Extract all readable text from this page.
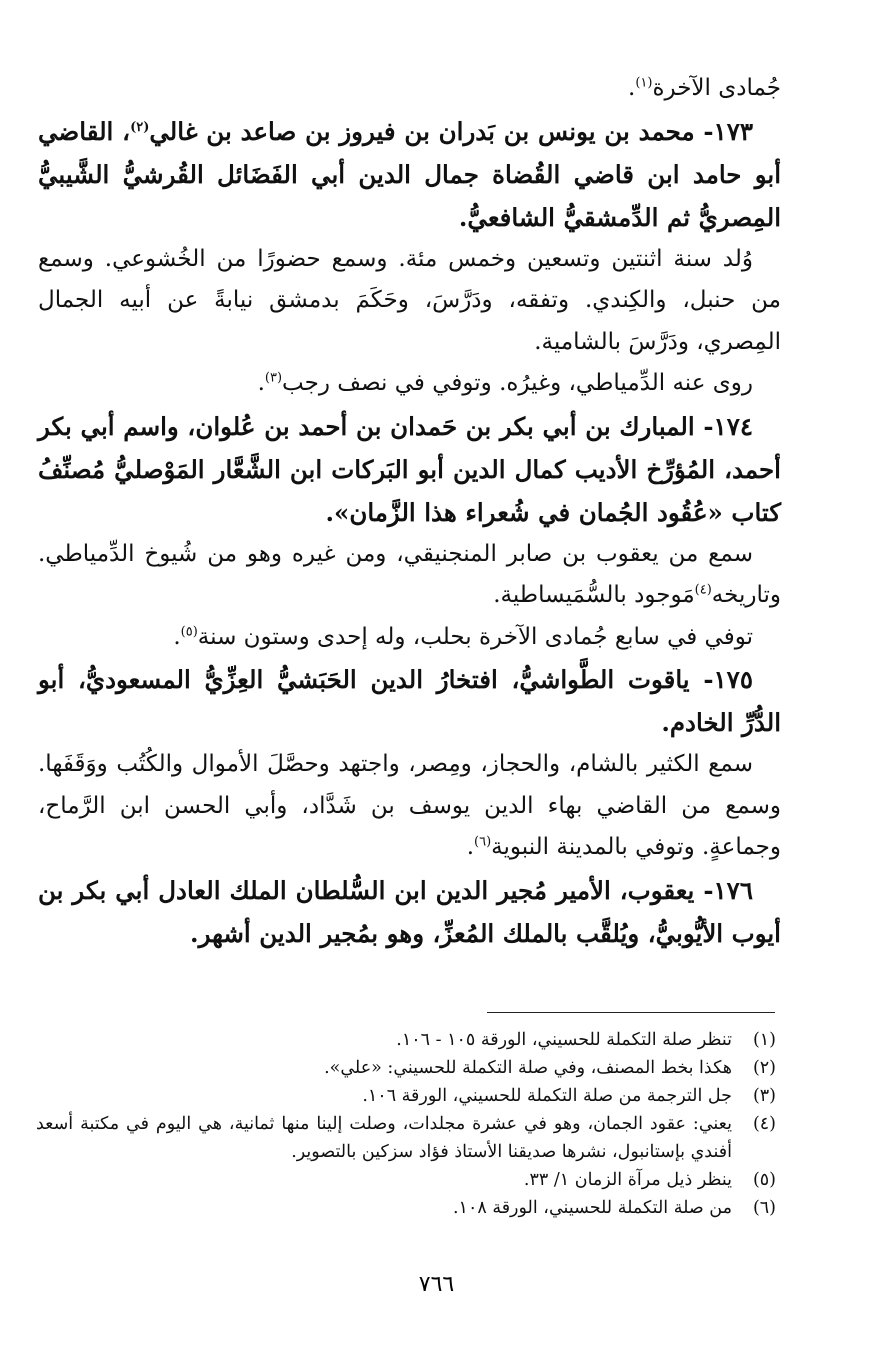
جُمادى الآخرة$^{(١)}$.

١٧٣- محمد بن يونس بن بَدران بن فيروز بن صاعد بن غالي$^{(٢)}$، القاضي أبو حامد ابن قاضي القُضاة جمال الدين أبي الفَضَائل القُرشيُّ الشَّيبيُّ المِصريُّ ثم الدِّمشقيُّ الشافعيُّ.

وُلد سنة اثنتين وتسعين وخمس مئة. وسمع حضورًا من الخُشوعي. وسمع من حنبل، والكِندي. وتفقه، ودَرَّسَ، وحَكَمَ بدمشق نيابةً عن أبيه الجمال المِصري، ودَرَّسَ بالشامية.

روى عنه الدِّمياطي، وغيرُه. وتوفي في نصف رجب$^{(٣)}$.

١٧٤- المبارك بن أبي بكر بن حَمدان بن أحمد بن عُلوان، واسم أبي بكر أحمد، المُؤرِّخ الأديب كمال الدين أبو البَركات ابن الشَّعَّار المَوْصليُّ مُصنِّفُ كتاب «عُقُود الجُمان في شُعراء هذا الزَّمان».

سمع من يعقوب بن صابر المنجنيقي، ومن غيره وهو من شُيوخ الدِّمياطي. وتاريخه$^{(٤)}$مَوجود بالسُّمَيساطية.

توفي في سابع جُمادى الآخرة بحلب، وله إحدى وستون سنة$^{(٥)}$.

١٧٥- ياقوت الطَّواشيُّ، افتخارُ الدين الحَبَشيُّ العِزِّيُّ المسعوديُّ، أبو الدُّرِّ الخادم.

سمع الكثير بالشام، والحجاز، ومِصر، واجتهد وحصَّلَ الأموال والكُتُب ووَقَفَها. وسمع من القاضي بهاء الدين يوسف بن شَدَّاد، وأبي الحسن ابن الرَّماح، وجماعةٍ. وتوفي بالمدينة النبوية$^{(٦)}$.

١٧٦- يعقوب، الأمير مُجير الدين ابن السُّلطان الملك العادل أبي بكر بن أيوب الأيُّوبيُّ، ويُلقَّب بالملك المُعزِّ، وهو بمُجير الدين أشهر.

(١)
تنظر صلة التكملة للحسيني، الورقة ١٠٥ - ١٠٦.
(٢)
هكذا بخط المصنف، وفي صلة التكملة للحسيني: «علي».
(٣)
جل الترجمة من صلة التكملة للحسيني، الورقة ١٠٦.
(٤)
يعني: عقود الجمان، وهو في عشرة مجلدات، وصلت إلينا منها ثمانية، هي اليوم في مكتبة أسعد أفندي بإستانبول، نشرها صديقنا الأستاذ فؤاد سزكين بالتصوير.
(٥)
ينظر ذيل مرآة الزمان ١/ ٣٣.
(٦)
من صلة التكملة للحسيني، الورقة ١٠٨.
٧٦٦
